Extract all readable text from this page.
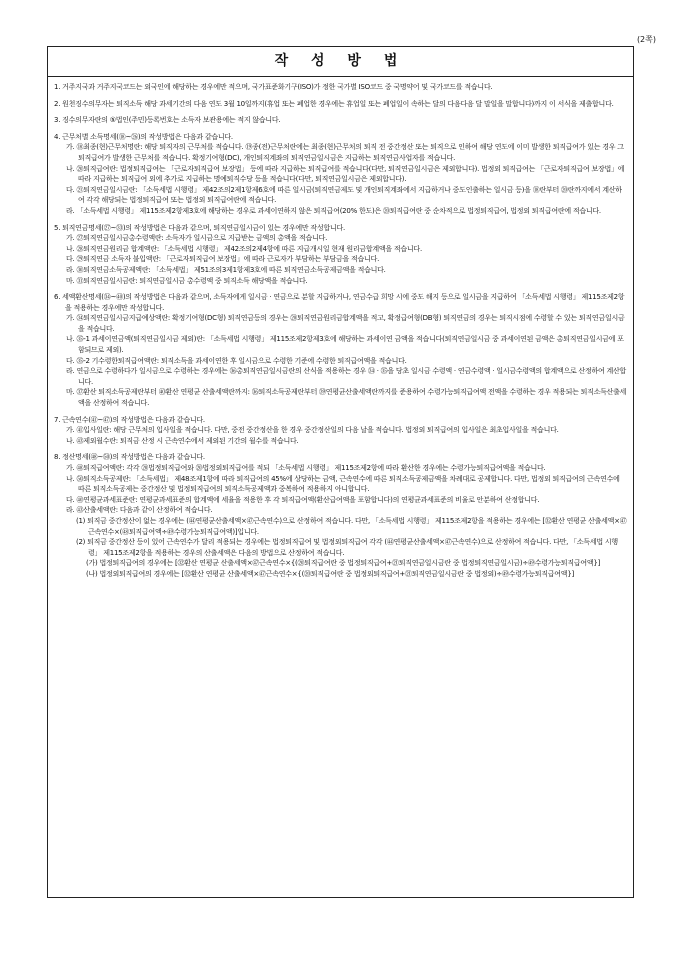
(2쪽)
작 성 방 법

1. 거주지국과 거주지국코드는 외국인에 해당하는 경우에만 적으며, 국가표준화기구(ISO)가 정한 국가별 ISO코드 중 국명약어 및 국가코드를 적습니다.

2. 원천징수의무자는 퇴직소득 해당 과세기간의 다음 연도 3월 10일까지(휴업 또는 폐업한 경우에는 휴업일 또는 폐업일이 속하는 달의 다음다음 달 말일을 말합니다)까지 이 서식을 제출합니다.

3. 징수의무자란의 ⑤법인(주민)등록번호는 소득자 보관용에는 적지 않습니다.

4. 근무처별 소득명세(⑱~㉖)의 작성방법은 다음과 같습니다.

가. ⑱최종(현)근무처명란: 해당 퇴직자의 근무처를 적습니다. ⑲종(전)근무처란에는 최종(현)근무처의 퇴직 전 중간정산 또는 퇴직으로 인하여 해당 연도에 이미 발생한 퇴직급여가 있는 경우 그 퇴직급여가 발생한 근무처를 적습니다. 확정기여형(DC), 개인퇴직계좌의 퇴직연금일시금은 지급하는 퇴직연금사업자를 적습니다.

나. ⑳퇴직급여란: 법정퇴직급여는 「근로자퇴직급여 보장법」 등에 따라 지급하는 퇴직급여를 적습니다(다만, 퇴직연금일시금은 제외합니다). 법정외 퇴직급여는 「근로자퇴직급여 보장법」에 따라 지급하는 퇴직급여 외에 추가로 지급하는 명예퇴직수당 등을 적습니다(다만, 퇴직연금일시금은 제외합니다).

다. ㉑퇴직연금일시금란: 「소득세법 시행령」 제42조의2제1항제6호에 따른 일시금(퇴직연금제도 및 개인퇴직계좌에서 지급하거나 중도인출하는 일시금 등)을 ⑱란부터 ⑳란까지에서 계산하여 각각 해당되는 법정퇴직급여 또는 법정외 퇴직급여란에 적습니다.

라. 「소득세법 시행령」 제115조제2항제3호에 해당하는 경우로 과세이연하지 않은 퇴직급여(20% 한도)은 ⑳퇴직급여란 중 순차적으로 법정퇴직급여, 법정외 퇴직급여란에 적습니다.

5. 퇴직연금명세(㉗~㉝)의 작성방법은 다음과 같으며, 퇴직연금일시금이 있는 경우에만 작성합니다.

가. ㉗퇴직연금일시금총수령액란: 소득자가 일시금으로 지급받는 금액의 총액을 적습니다.

나. ㉘퇴직연금원리금 합계액란: 「소득세법 시행령」 제42조의2제4항에 따른 지급개시일 현재 원리금합계액을 적습니다.

다. ㉙퇴직연금 소득자 불입액란: 「근로자퇴직급여 보장법」에 따라 근로자가 부담하는 부담금을 적습니다.

라. ㉚퇴직연금소득공제액란: 「소득세법」 제51조의3제1항제3호에 따른 퇴직연금소득공제금액을 적습니다.

마. ㉛퇴직연금일시금란: 퇴직연금일시금 총수령액 중 퇴직소득 해당액을 적습니다.

6. 세액환산명세(㉞~㊵)의 작성방법은 다음과 같으며, 소득자에게 일시금 · 연금으로 분할 지급하거나, 연금수급 희망 시에 중도 해지 등으로 일시금을 지급하여 「소득세법 시행령」 제115조제2항을 적용하는 경우에만 작성합니다.

가. ㉞퇴직연금일시금지급예상액란: 확정기여형(DC형) 퇴직연금등의 경우는 ⑳퇴직연금원리금합계액을 적고, 확정급여형(DB형) 퇴직연금의 경우는 퇴직시점에 수령할 수 있는 퇴직연금일시금을 적습니다.

나. ㉟-1 과세이연금액(퇴직연금일시금 제외)란: 「소득세법 시행령」 제115조제2항제3호에 해당하는 과세이연 금액을 적습니다(퇴직연금일시금 중 과세이연된 금액은 총퇴직연금일시금에 포함되므로 제외).

다. ㉟-2 기수령한퇴직급여액란: 퇴직소득을 과세이연한 후 일시금으로 수령한 기준에 수령한 퇴직급여액을 적습니다.

라. 연금으로 수령하다가 일시금으로 수령하는 경우에는 ㊱총퇴직연금일시금란의 산식을 적용하는 경우 ㉞ · ㉟을 당초 일시금 수령액 · 연금수령액 · 일시금수령액의 합계액으로 산정하여 계산합니다.

마. ㊲환산 퇴직소득공제란부터 ㊵환산 연평균 산출세액란까지: ㊱퇴직소득공제란부터 ㊴연평균산출세액란까지를 준용하여 수령가능퇴직급여액 전액을 수령하는 경우 적용되는 퇴직소득산출세액을 산정하여 적습니다.

7. 근속연수(㊶~㊼)의 작성방법은 다음과 같습니다.

가. ㊶입사일란: 해당 근무처의 입사일을 적습니다. 다만, 중전 중간정산을 한 경우 중간정산일의 다음 날을 적습니다. 법정외 퇴직급여의 입사일은 최초입사일을 적습니다.

나. ㊸제외월수란: 퇴직금 산정 시 근속연수에서 제외된 기간의 월수를 적습니다.

8. 정산명세(㊽~㊿)의 작성방법은 다음과 같습니다.

가. ㊽퇴직급여액란: 각각 ⑳법정퇴직급여와 ⑳법정외퇴직급여를 적되 「소득세법 시행령」 제115조제2항에 따라 환산한 경우에는 수령가능퇴직급여액을 적습니다.

나. ㊿퇴직소득공제란: 「소득세법」 제48조제1항에 따라 퇴직급여의 45%에 상당하는 금액, 근속연수에 따른 퇴직소득공제금액을 차례대로 공제합니다. 다만, 법정외 퇴직급여의 근속연수에 따른 퇴직소득공제는 중간정산 및 법정퇴직급여의 퇴직소득공제액과 중복하여 적용하지 아니합니다.

다. ㊵연평균과세표준란: 연평균과세표준의 합계액에 세율을 적용한 후 각 퇴직급여액(환산급여액을 포함합니다)의 연평균과세표준의 비율로 안분하여 산정합니다.

라. ㊸산출세액란: 다음과 같이 산정하여 적습니다.

(1) 퇴직금 중간정산이 없는 경우에는 (㊹연평균산출세액×㊼근속연수)으로 산정하여 적습니다. 다만, 「소득세법 시행령」 제115조제2항을 적용하는 경우에는 [㉜환산 연평균 산출세액×㊼근속연수×(㊽퇴직급여액÷㊾수령가능퇴직급여액)]입니다.

(2) 퇴직금 중간정산 등이 있어 근속연수가 달리 적용되는 경우에는 법정퇴직급여 및 법정외퇴직급여 각각 (㊹연평균산출세액×㊼근속연수)으로 산정하여 적습니다. 다만, 「소득세법 시행령」 제115조제2항을 적용하는 경우의 산출세액은 다음의 방법으로 산정하여 적습니다.

(가) 법정퇴직급여의 경우에는 [㉜환산 연평균 산출세액×㊼근속연수×{(⑳퇴직급여란 중 법정퇴직급여+㉑퇴직연금일시금란 중 법정퇴직연금일시금)÷㊾수령가능퇴직급여액}]

(나) 법정외퇴직급여의 경우에는 [㉜환산 연평균 산출세액×㊼근속연수×{(⑳퇴직급여란 중 법정외퇴직급여+㉑퇴직연금일시금란 중 법정외)÷㊾수령가능퇴직급여액}]
